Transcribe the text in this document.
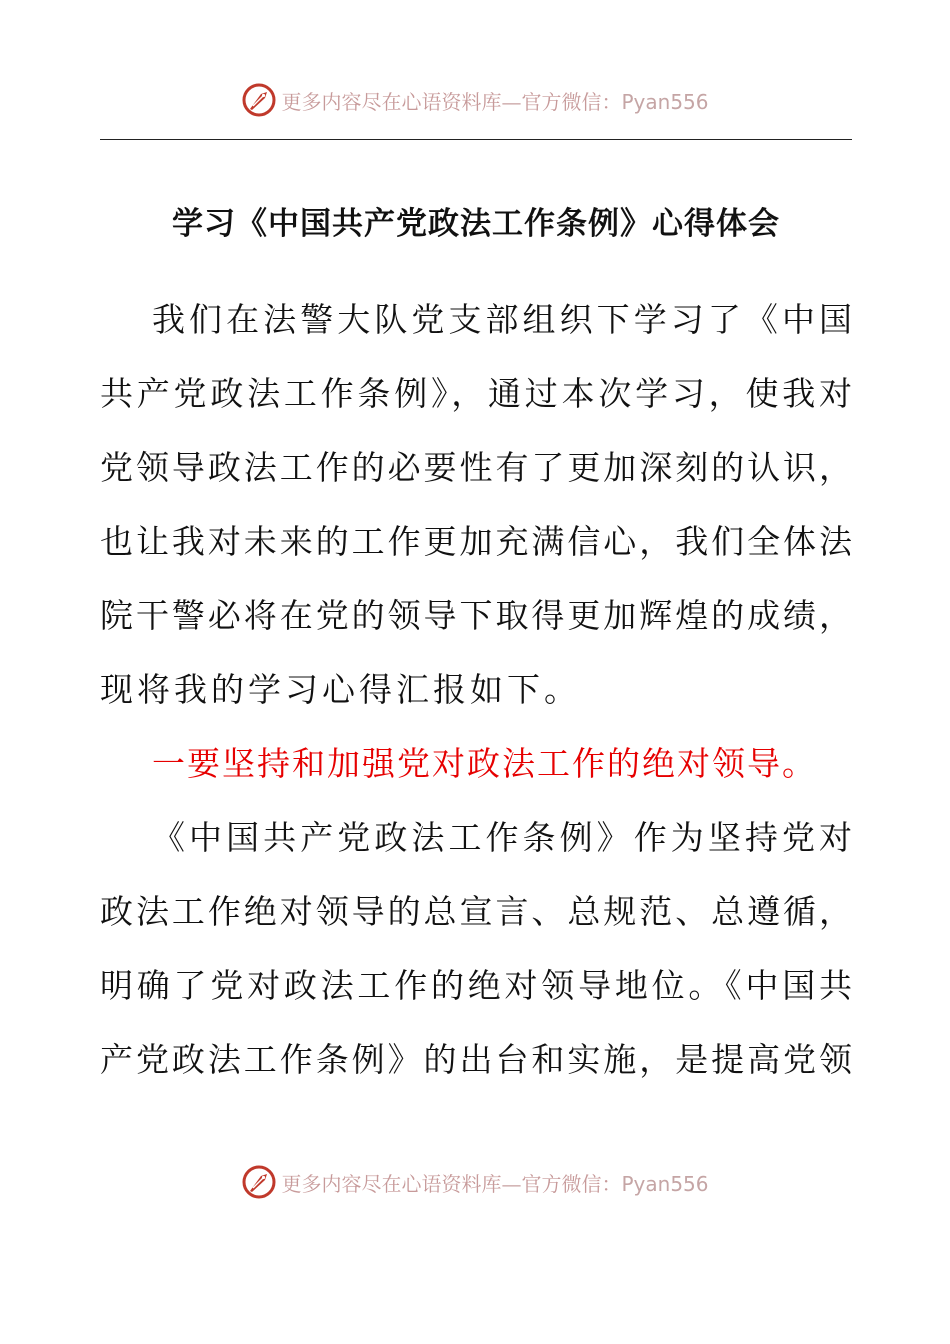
更多内容尽在心语资料库—官方微信：Pyan556
学习《中国共产党政法工作条例》心得体会
我们在法警大队党支部组织下学习了《中国
共产党政法工作条例》，通过本次学习，使我对
党领导政法工作的必要性有了更加深刻的认识，
也让我对未来的工作更加充满信心，我们全体法
院干警必将在党的领导下取得更加辉煌的成绩，
现将我的学习心得汇报如下。
一要坚持和加强党对政法工作的绝对领导。
《中国共产党政法工作条例》作为坚持党对
政法工作绝对领导的总宣言、总规范、总遵循，
明确了党对政法工作的绝对领导地位。《中国共
产党政法工作条例》的出台和实施，是提高党领
更多内容尽在心语资料库—官方微信：Pyan556
